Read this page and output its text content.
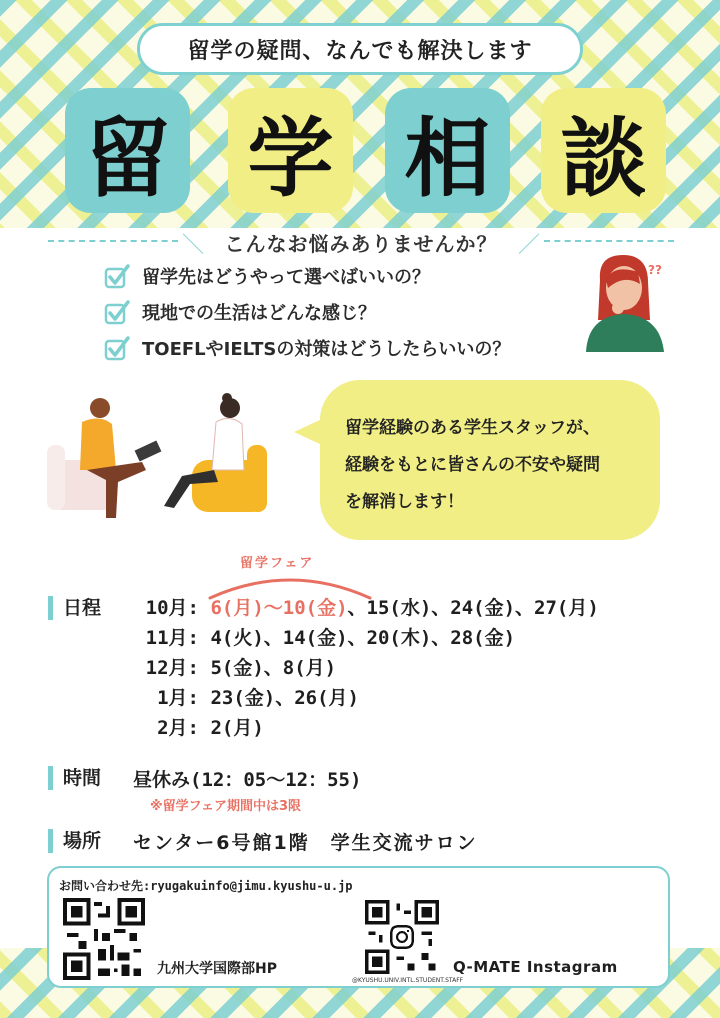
留学の疑問、なんでも解決します
留 学 相 談
＼	こんなお悩みありませんか？ ／
留学先はどうやって選べばいいの？
現地での生活はどんな感じ？
TOEFLやIELTSの対策はどうしたらいいの？
??

留学経験のある学生スタッフが、
経験をもとに皆さんの不安や疑問
を解消します！

留学フェア
日程	10月: 6(月)〜10(金)、15(水)、24(金)、27(月)
11月: 4(火)、14(金)、20(木)、28(金)
12月: 5(金)、8(月)
1月: 23(金)、26(月)
2月: 2(月)
時間 昼休み(12：05〜12：55)
※留学フェア期間中は3限
場所 センター6号館1階　学生交流サロン
お問い合わせ先:ryugakuinfo@jimu.kyushu-u.jp
九州大学国際部HP
@KYUSHU.UNIV.INTL.STUDENT.STAFF
Q-MATE Instagram
